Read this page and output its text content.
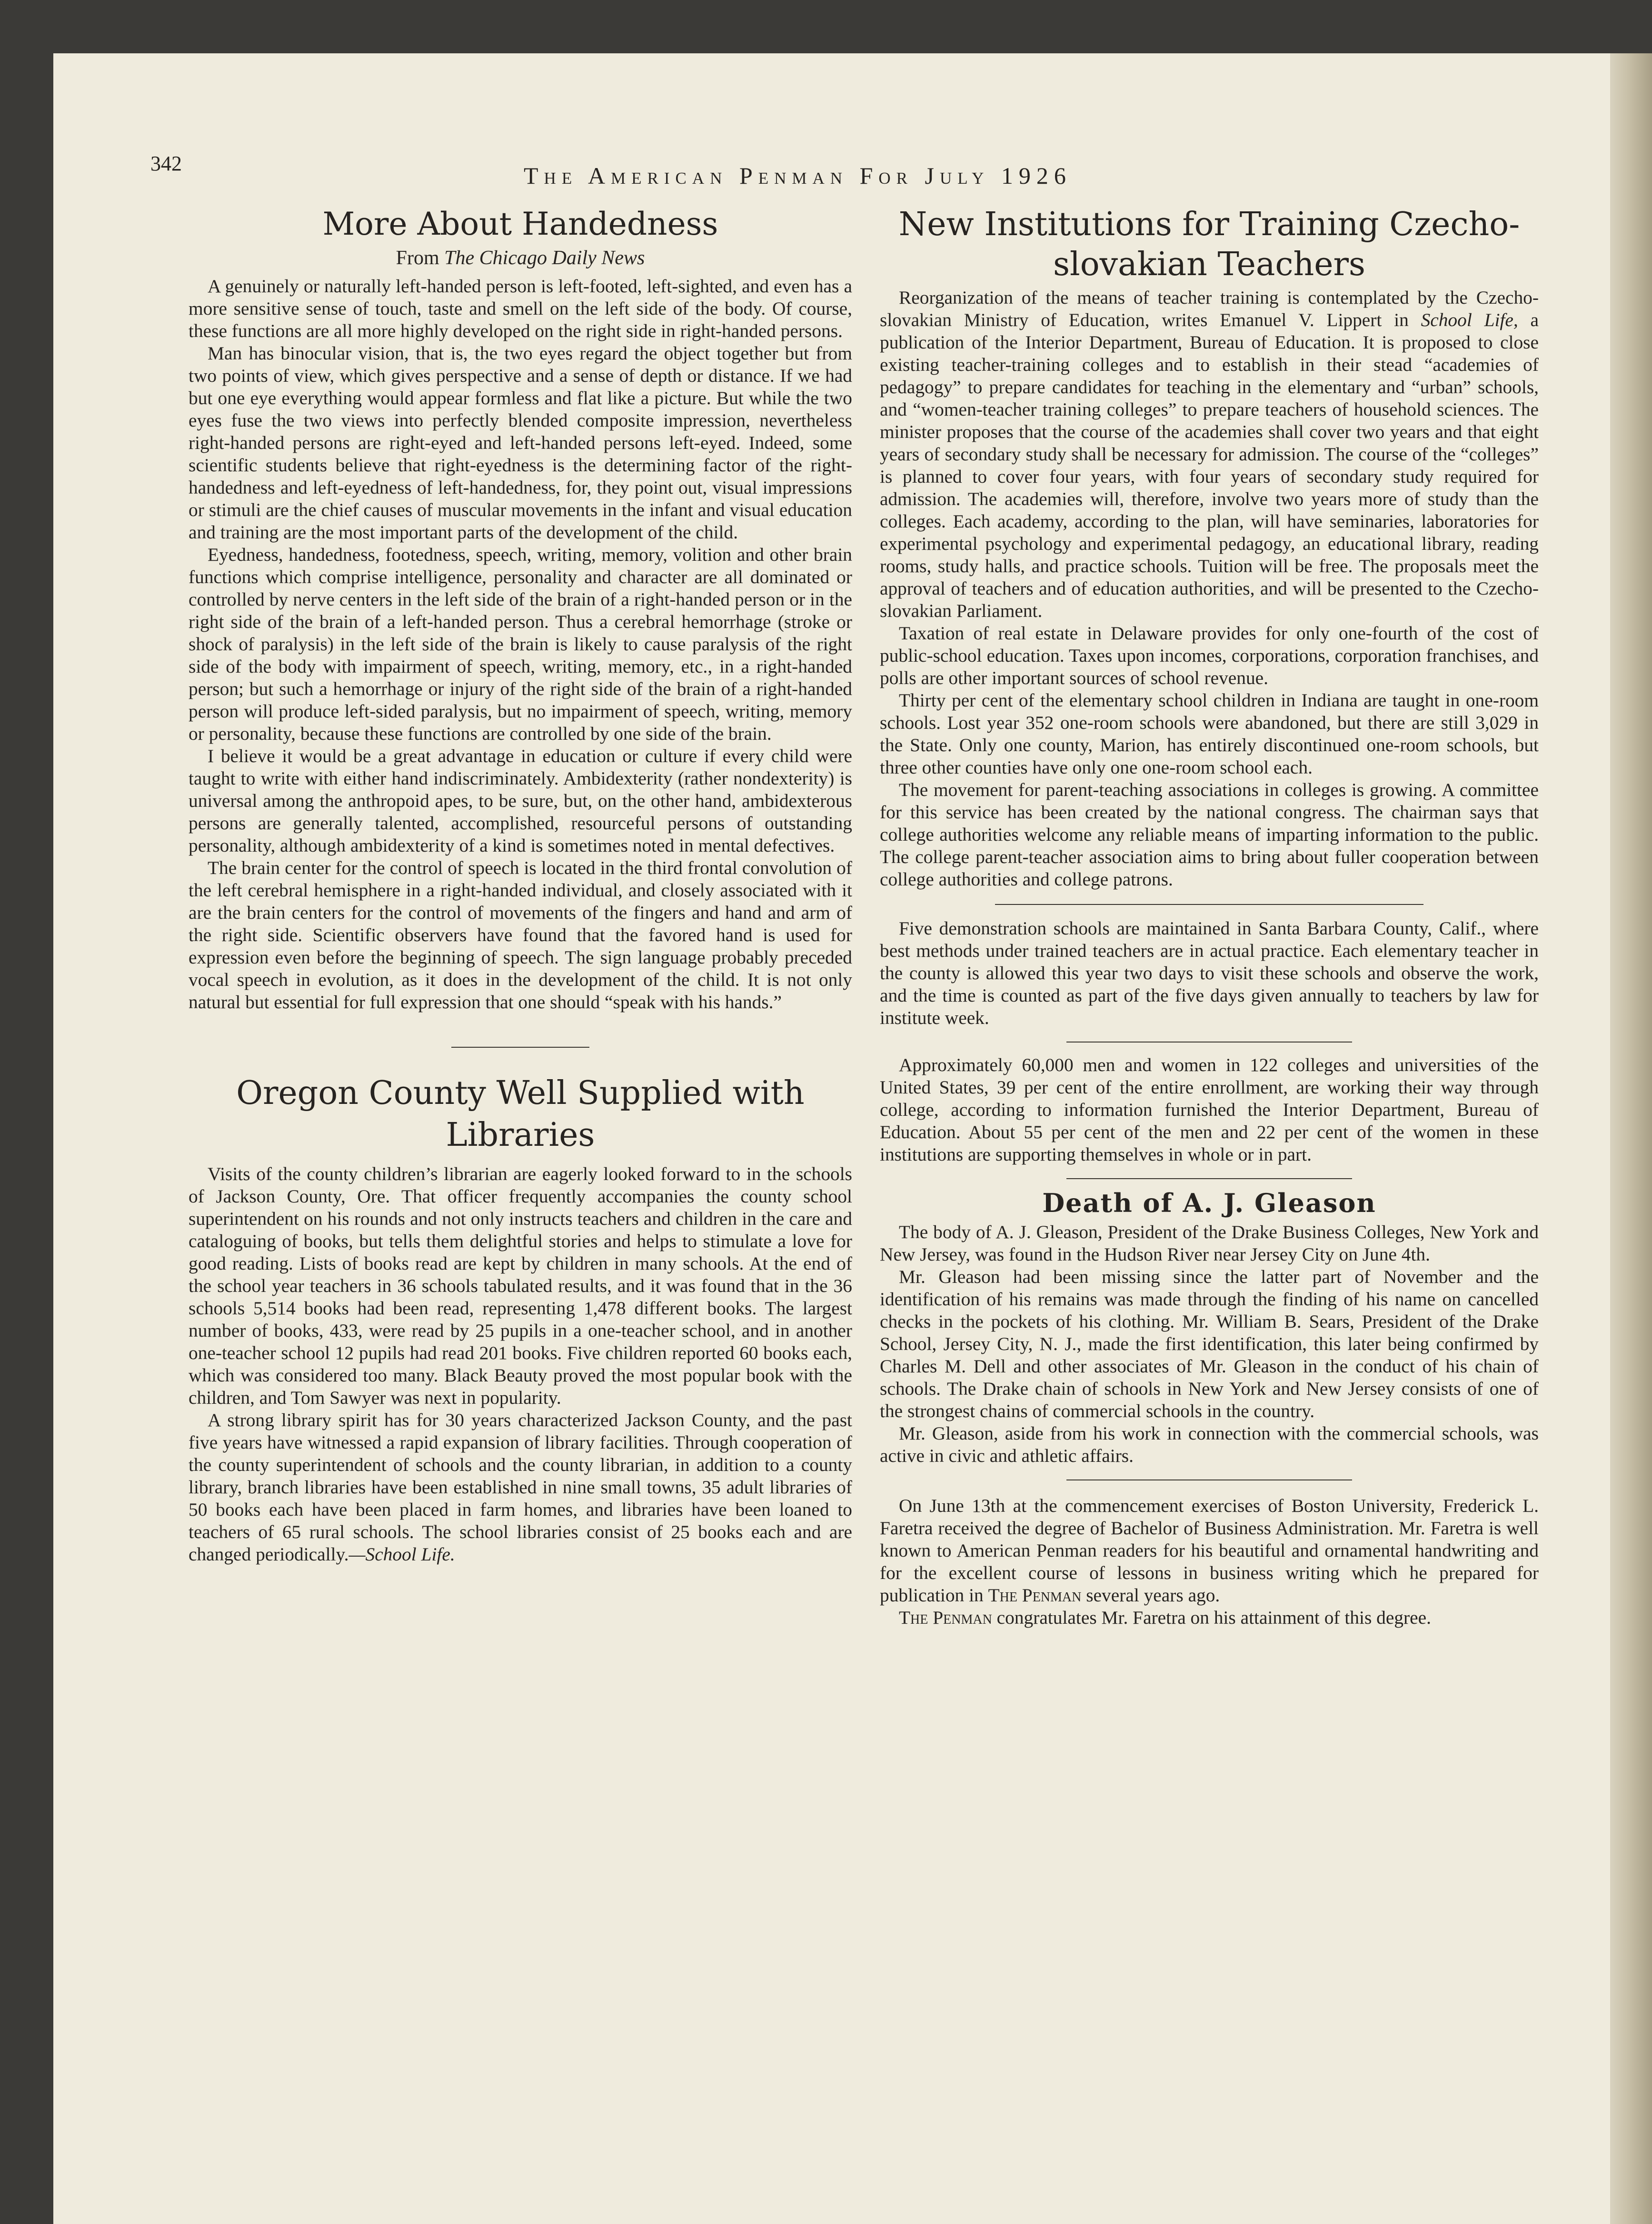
342	The American Penman For July 1926
More About Handedness
From The Chicago Daily News

A genuinely or naturally left-handed person is left-footed, left-sighted, and even has a more sensitive sense of touch, taste and smell on the left side of the body. Of course, these functions are all more highly developed on the right side in right-handed persons.

Man has binocular vision, that is, the two eyes regard the object together but from two points of view, which gives perspective and a sense of depth or distance. If we had but one eye everything would appear formless and flat like a picture. But while the two eyes fuse the two views into perfectly blended composite impression, nevertheless right-handed persons are right-eyed and left-handed persons left-eyed. Indeed, some scientific students believe that right-eyedness is the determining factor of the right-handedness and left-eyedness of left-handedness, for, they point out, visual impressions or stimuli are the chief causes of muscular movements in the infant and visual education and training are the most important parts of the development of the child.

Eyedness, handedness, footedness, speech, writing, memory, volition and other brain functions which comprise intelligence, personality and character are all dominated or controlled by nerve centers in the left side of the brain of a right-handed person or in the right side of the brain of a left-handed person. Thus a cerebral hemorrhage (stroke or shock of paralysis) in the left side of the brain is likely to cause paralysis of the right side of the body with impairment of speech, writing, memory, etc., in a right-handed person; but such a hemorrhage or injury of the right side of the brain of a right-handed person will produce left-sided paralysis, but no impairment of speech, writing, memory or personality, because these functions are controlled by one side of the brain.

I believe it would be a great advantage in education or culture if every child were taught to write with either hand indiscriminately. Ambidexterity (rather nondexterity) is universal among the anthropoid apes, to be sure, but, on the other hand, ambidexterous persons are generally talented, accomplished, resourceful persons of outstanding personality, although ambidexterity of a kind is sometimes noted in mental defectives.

The brain center for the control of speech is located in the third frontal convolution of the left cerebral hemisphere in a right-handed individual, and closely associated with it are the brain centers for the control of movements of the fingers and hand and arm of the right side. Scientific observers have found that the favored hand is used for expression even before the beginning of speech. The sign language probably preceded vocal speech in evolution, as it does in the development of the child. It is not only natural but essential for full expression that one should “speak with his hands.”

Oregon County Well Supplied with Libraries

Visits of the county children’s librarian are eagerly looked forward to in the schools of Jackson County, Ore. That officer frequently accompanies the county school superintendent on his rounds and not only instructs teachers and children in the care and cataloguing of books, but tells them delightful stories and helps to stimulate a love for good reading. Lists of books read are kept by children in many schools. At the end of the school year teachers in 36 schools tabulated results, and it was found that in the 36 schools 5,514 books had been read, representing 1,478 different books. The largest number of books, 433, were read by 25 pupils in a one-teacher school, and in another one-teacher school 12 pupils had read 201 books. Five children reported 60 books each, which was considered too many. Black Beauty proved the most popular book with the children, and Tom Sawyer was next in popularity.

A strong library spirit has for 30 years characterized Jackson County, and the past five years have witnessed a rapid expansion of library facilities. Through cooperation of the county superintendent of schools and the county librarian, in addition to a county library, branch libraries have been established in nine small towns, 35 adult libraries of 50 books each have been placed in farm homes, and libraries have been loaned to teachers of 65 rural schools. The school libraries consist of 25 books each and are changed periodically.—School Life.

New Institutions for Training Czecho-slovakian Teachers

Reorganization of the means of teacher training is contemplated by the Czecho-slovakian Ministry of Education, writes Emanuel V. Lippert in School Life, a publication of the Interior Department, Bureau of Education. It is proposed to close existing teacher-training colleges and to establish in their stead “academies of pedagogy” to prepare candidates for teaching in the elementary and “urban” schools, and “women-teacher training colleges” to prepare teachers of household sciences. The minister proposes that the course of the academies shall cover two years and that eight years of secondary study shall be necessary for admission. The course of the “colleges” is planned to cover four years, with four years of secondary study required for admission. The academies will, therefore, involve two years more of study than the colleges. Each academy, according to the plan, will have seminaries, laboratories for experimental psychology and experimental pedagogy, an educational library, reading rooms, study halls, and practice schools. Tuition will be free. The proposals meet the approval of teachers and of education authorities, and will be presented to the Czecho-slovakian Parliament.

Taxation of real estate in Delaware provides for only one-fourth of the cost of public-school education. Taxes upon incomes, corporations, corporation franchises, and polls are other important sources of school revenue.

Thirty per cent of the elementary school children in Indiana are taught in one-room schools. Lost year 352 one-room schools were abandoned, but there are still 3,029 in the State. Only one county, Marion, has entirely discontinued one-room schools, but three other counties have only one one-room school each.

The movement for parent-teaching associations in colleges is growing. A committee for this service has been created by the national congress. The chairman says that college authorities welcome any reliable means of imparting information to the public. The college parent-teacher association aims to bring about fuller cooperation between college authorities and college patrons.

Five demonstration schools are maintained in Santa Barbara County, Calif., where best methods under trained teachers are in actual practice. Each elementary teacher in the county is allowed this year two days to visit these schools and observe the work, and the time is counted as part of the five days given annually to teachers by law for institute week.

Approximately 60,000 men and women in 122 colleges and universities of the United States, 39 per cent of the entire enrollment, are working their way through college, according to information furnished the Interior Department, Bureau of Education. About 55 per cent of the men and 22 per cent of the women in these institutions are supporting themselves in whole or in part.

Death of A. J. Gleason

The body of A. J. Gleason, President of the Drake Business Colleges, New York and New Jersey, was found in the Hudson River near Jersey City on June 4th.

Mr. Gleason had been missing since the latter part of November and the identification of his remains was made through the finding of his name on cancelled checks in the pockets of his clothing. Mr. William B. Sears, President of the Drake School, Jersey City, N. J., made the first identification, this later being confirmed by Charles M. Dell and other associates of Mr. Gleason in the conduct of his chain of schools. The Drake chain of schools in New York and New Jersey consists of one of the strongest chains of commercial schools in the country.

Mr. Gleason, aside from his work in connection with the commercial schools, was active in civic and athletic affairs.

On June 13th at the commencement exercises of Boston University, Frederick L. Faretra received the degree of Bachelor of Business Administration. Mr. Faretra is well known to American Penman readers for his beautiful and ornamental handwriting and for the excellent course of lessons in business writing which he prepared for publication in The Penman several years ago.

The Penman congratulates Mr. Faretra on his attainment of this degree.
